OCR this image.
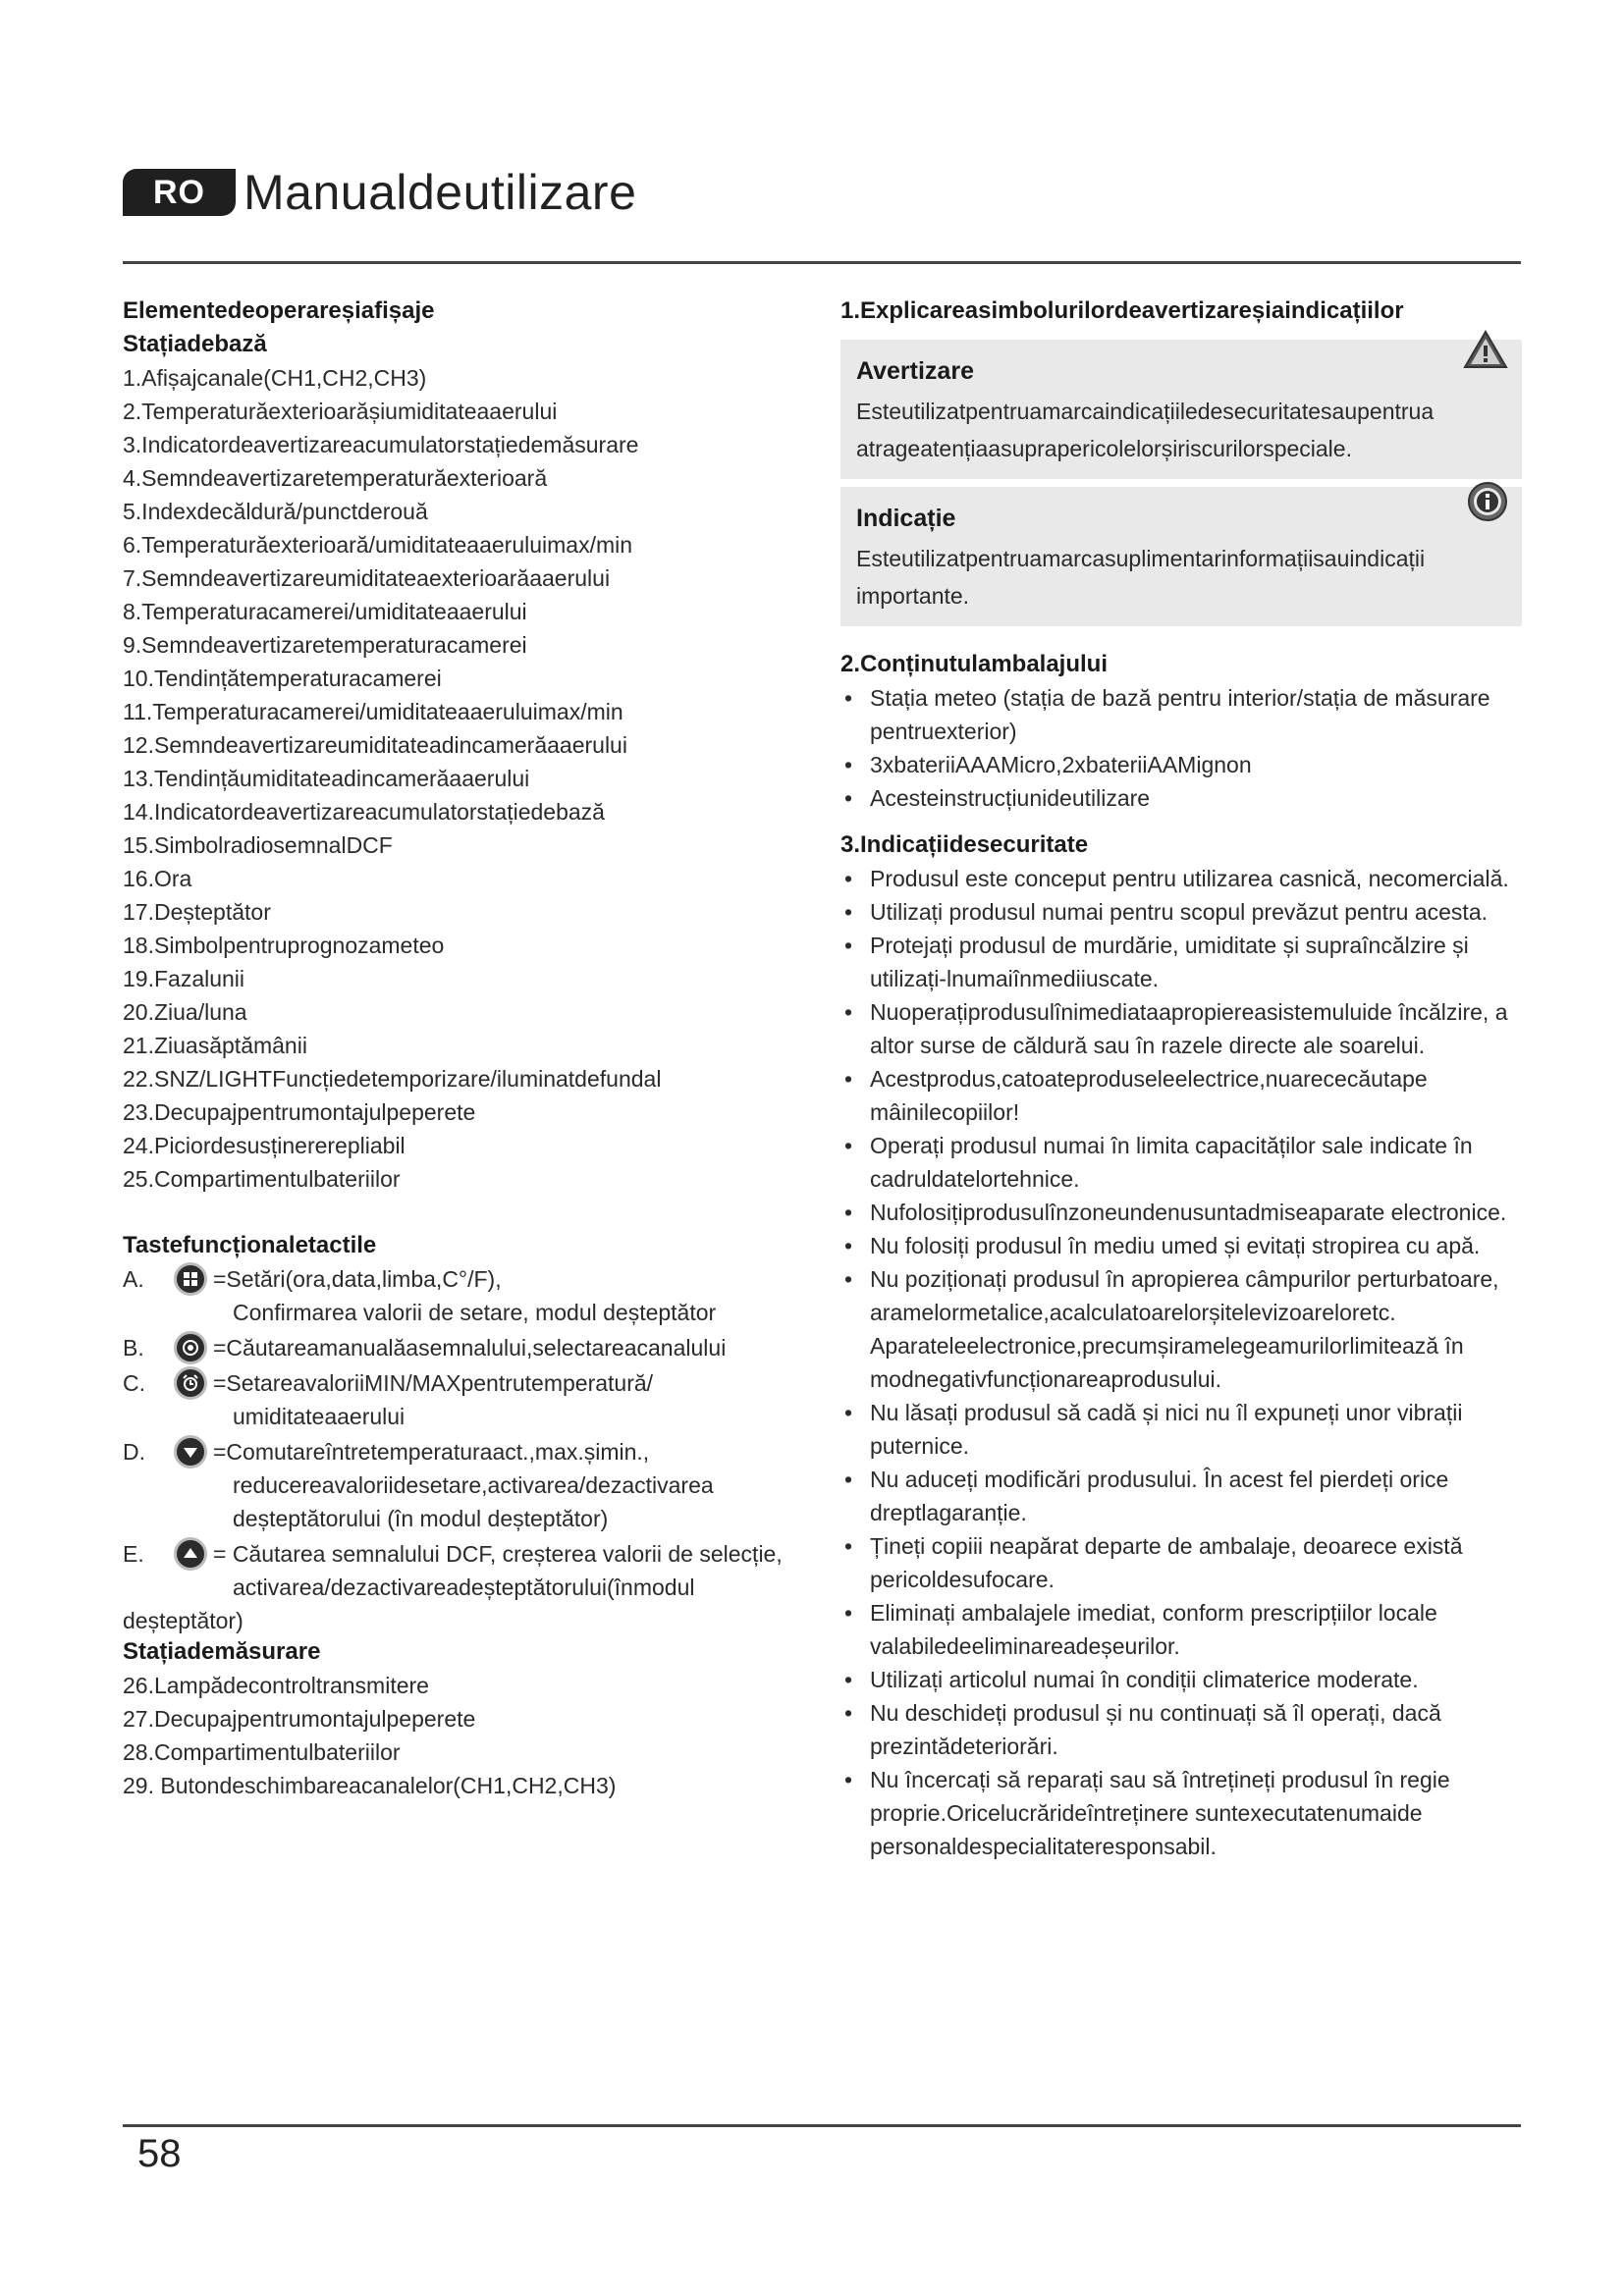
RO Manualdeutilizare
Elementedeoperareșiafișaje
Stațiadebază
1.Afișajcanale(CH1,CH2,CH3)
2.Temperaturăexterioarășiumiditateaaerului
3.Indicatordeavertizareacumulatorstațiedemăsurare
4.Semndeavertizaretemperaturăexterioară
5.Indexdecăldură/punctderouă
6.Temperaturăexterioară/umiditateaaeruluimax/min
7.Semndeavertizareumiditateaexterioarăaaerului
8.Temperaturacamerei/umiditateaaerului
9.Semndeavertizaretemperaturacamerei
10.Tendințătemperaturacamerei
11.Temperaturacamerei/umiditateaaeruluimax/min
12.Semndeavertizareumiditateadincamerăaaerului
13.Tendințăumiditateadincamerăaaerului
14.Indicatordeavertizareacumulatorstațiedebază
15.SimbolradiosemnalDCF
16.Ora
17.Deșteptător
18.Simbolpentruprognozameteo
19.Fazalunii
20.Ziua/luna
21.Ziuasăptămânii
22.SNZ/LIGHTFuncțiedetemporizare/iluminatdefundal
23.Decupajpentrumontajulpeperete
24.Piciordesusținererepliabil
25.Compartimentulbateriilor
Tastefuncționaletactile
A.	=Setări(ora,data,limba,C°/F),
Confirmarea valorii de setare, modul deșteptător
B.	=Căutareamanualăasemnalului,selectareacanalului
C.	=SetareavaloriiMIN/MAXpentrutemperatură/
umiditateaaerului
D.	=Comutareîntretemperaturaact.,max.șimin.,
reducereavaloriidesetare,activarea/dezactivarea deșteptătorului (în modul deșteptător)
E.	= Căutarea semnalului DCF, creșterea valorii de selecție,
activarea/dezactivareadeșteptătorului(înmodul
deșteptător)
Stațiademăsurare
26.Lampădecontroltransmitere
27.Decupajpentrumontajulpeperete
28.Compartimentulbateriilor
29. Butondeschimbareacanalelor(CH1,CH2,CH3)
1.Explicareasimbolurilordeavertizareșiaindicațiilor
Avertizare
Esteutilizatpentruamarcaindicațiiledesecuritatesaupentrua atrageatențiaasuprapericolelorșiriscurilorspeciale.
Indicație
Esteutilizatpentruamarcasuplimentarinformațiisauindicații importante.
2.Conținutulambalajului
• Stația meteo (stația de bază pentru interior/stația de măsurare pentruexterior)
• 3xbateriiAAAMicro,2xbateriiAAMignon
• Acesteinstrucțiunideutilizare
3.Indicațiidesecuritate
• Produsul este conceput pentru utilizarea casnică, necomercială.
• Utilizați produsul numai pentru scopul prevăzut pentru acesta.
• Protejați produsul de murdărie, umiditate și supraîncălzire și utilizați-lnumaiînmediiuscate.
• Nuoperațiprodusulînimediataapropiereasistemuluide încălzire, a altor surse de căldură sau în razele directe ale soarelui.
• Acestprodus,catoateproduseleelectrice,nuarececăutape mâinilecopiilor!
• Operați produsul numai în limita capacităților sale indicate în cadruldatelortehnice.
• Nufolosițiprodusulînzoneundenusuntadmiseaparate electronice.
• Nu folosiți produsul în mediu umed și evitați stropirea cu apă.
• Nu poziționați produsul în apropierea câmpurilor perturbatoare, aramelormetalice,acalculatoarelorșitelevizoareloretc. Aparateleelectronice,precumșiramelegeamurilorlimitează în modnegativfuncționareaprodusului.
• Nu lăsați produsul să cadă și nici nu îl expuneți unor vibrații puternice.
• Nu aduceți modificări produsului. În acest fel pierdeți orice dreptlagaranție.
• Țineți copiii neapărat departe de ambalaje, deoarece există pericoldesufocare.
• Eliminați ambalajele imediat, conform prescripțiilor locale valabiledeeliminareadeșeurilor.
• Utilizați articolul numai în condiții climaterice moderate.
• Nu deschideți produsul și nu continuați să îl operați, dacă prezintădeteriorări.
• Nu încercați să reparați sau să întrețineți produsul în regie proprie.Oricelucrărideîntreținere suntexecutatenumaide personaldespecialitateresponsabil.
58
